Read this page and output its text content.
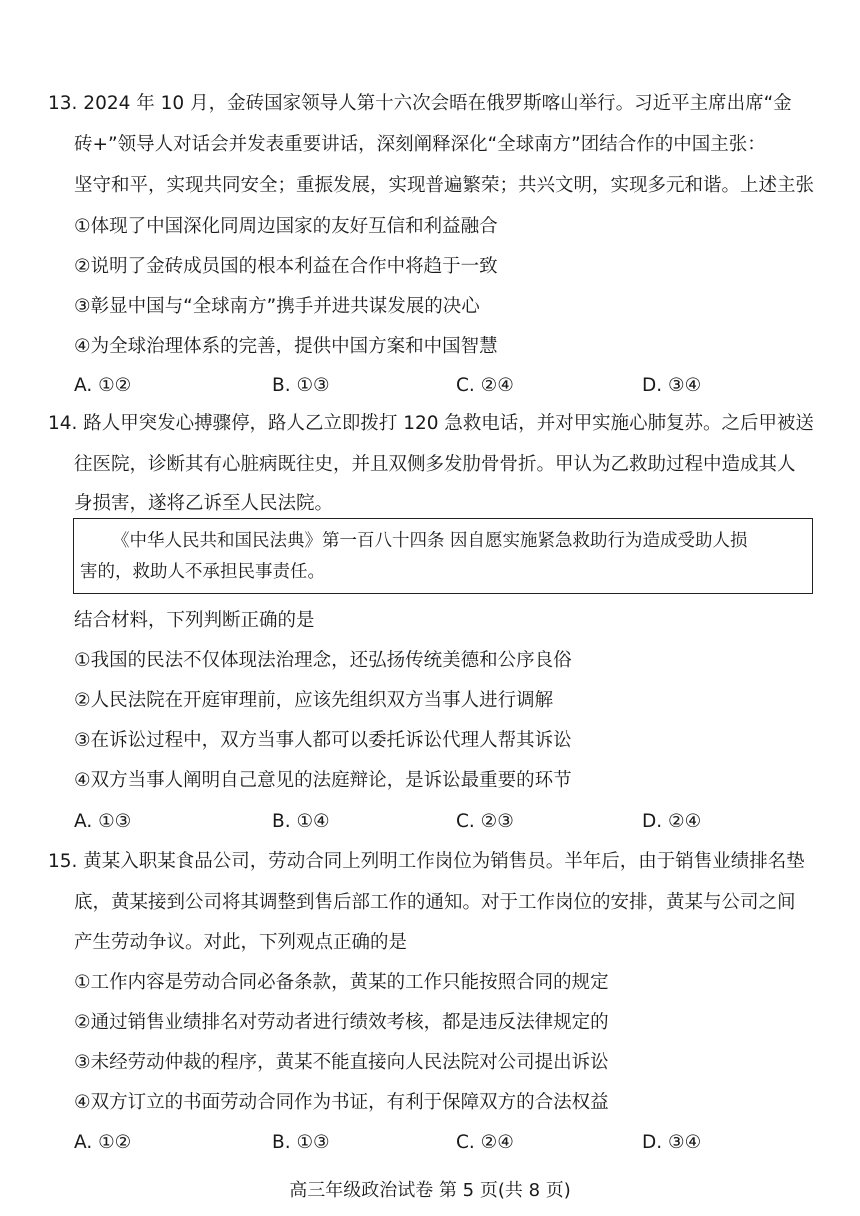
13. 2024 年 10 月，金砖国家领导人第十六次会晤在俄罗斯喀山举行。习近平主席出席“金
砖+”领导人对话会并发表重要讲话，深刻阐释深化“全球南方”团结合作的中国主张：
坚守和平，实现共同安全；重振发展，实现普遍繁荣；共兴文明，实现多元和谐。上述主张
①体现了中国深化同周边国家的友好互信和利益融合
②说明了金砖成员国的根本利益在合作中将趋于一致
③彰显中国与“全球南方”携手并进共谋发展的决心
④为全球治理体系的完善，提供中国方案和中国智慧
A. ①②	B. ①③	C. ②④	D. ③④
14. 路人甲突发心搏骤停，路人乙立即拨打 120 急救电话，并对甲实施心肺复苏。之后甲被送
往医院，诊断其有心脏病既往史，并且双侧多发肋骨骨折。甲认为乙救助过程中造成其人
身损害，遂将乙诉至人民法院。
《中华人民共和国民法典》第一百八十四条 因自愿实施紧急救助行为造成受助人损
害的，救助人不承担民事责任。
结合材料，下列判断正确的是
①我国的民法不仅体现法治理念，还弘扬传统美德和公序良俗
②人民法院在开庭审理前，应该先组织双方当事人进行调解
③在诉讼过程中，双方当事人都可以委托诉讼代理人帮其诉讼
④双方当事人阐明自己意见的法庭辩论，是诉讼最重要的环节
A. ①③	B. ①④	C. ②③	D. ②④
15. 黄某入职某食品公司，劳动合同上列明工作岗位为销售员。半年后，由于销售业绩排名垫
底，黄某接到公司将其调整到售后部工作的通知。对于工作岗位的安排，黄某与公司之间
产生劳动争议。对此，下列观点正确的是
①工作内容是劳动合同必备条款，黄某的工作只能按照合同的规定
②通过销售业绩排名对劳动者进行绩效考核，都是违反法律规定的
③未经劳动仲裁的程序，黄某不能直接向人民法院对公司提出诉讼
④双方订立的书面劳动合同作为书证，有利于保障双方的合法权益
A. ①②	B. ①③	C. ②④	D. ③④
高三年级政治试卷 第 5 页(共 8 页)
